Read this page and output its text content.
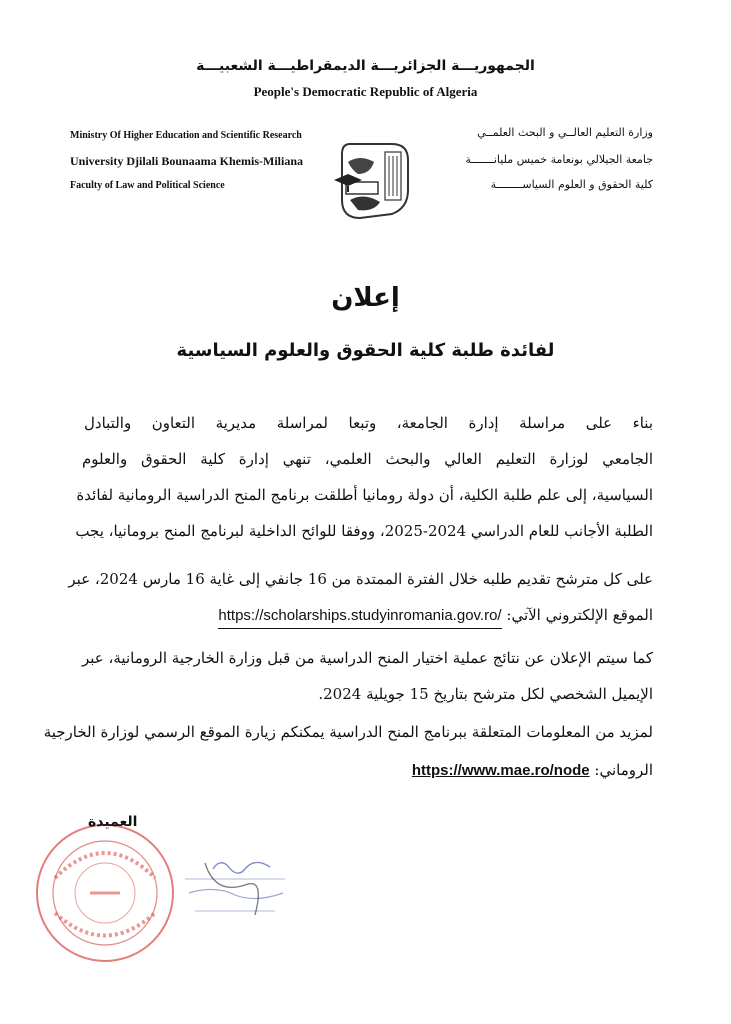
الجمهوريـــة الجزائريـــة الديمقراطيـــة الشعبيـــة
People's Democratic Republic of Algeria
Ministry Of Higher Education and Scientific Research
University Djilali Bounaama Khemis-Miliana
Faculty of Law and Political Science
وزارة التعليم العالــي و البحث العلمــي
جامعة الجيلالي بونعامة خميس مليانـــــــة
كلية الحقوق و العلوم السياســــــــة
إعلان
لفائدة طلبة كلية الحقوق والعلوم السياسية
بناء على مراسلة إدارة الجامعة، وتبعا لمراسلة مديرية التعاون والتبادل
الجامعي لوزارة التعليم العالي والبحث العلمي، تنهي إدارة كلية الحقوق والعلوم
السياسية، إلى علم طلبة الكلية، أن دولة رومانيا أطلقت برنامج المنح الدراسية الرومانية لفائدة
الطلبة الأجانب للعام الدراسي 2024-2025، ووفقا للوائح الداخلية لبرنامج المنح برومانيا، يجب
على كل مترشح تقديم طلبه خلال الفترة الممتدة من 16 جانفي إلى غاية 16 مارس 2024، عبر
الموقع الإلكتروني الآتي: https://scholarships.studyinromania.gov.ro/
كما سيتم الإعلان عن نتائج عملية اختيار المنح الدراسية من قبل وزارة الخارجية الرومانية، عبر
الإيميل الشخصي لكل مترشح بتاريخ 15 جويلية 2024.
لمزيد من المعلومات المتعلقة ببرنامج المنح الدراسية يمكنكم زيارة الموقع الرسمي لوزارة الخارجية
الروماني: https://www.mae.ro/node
العميدة
